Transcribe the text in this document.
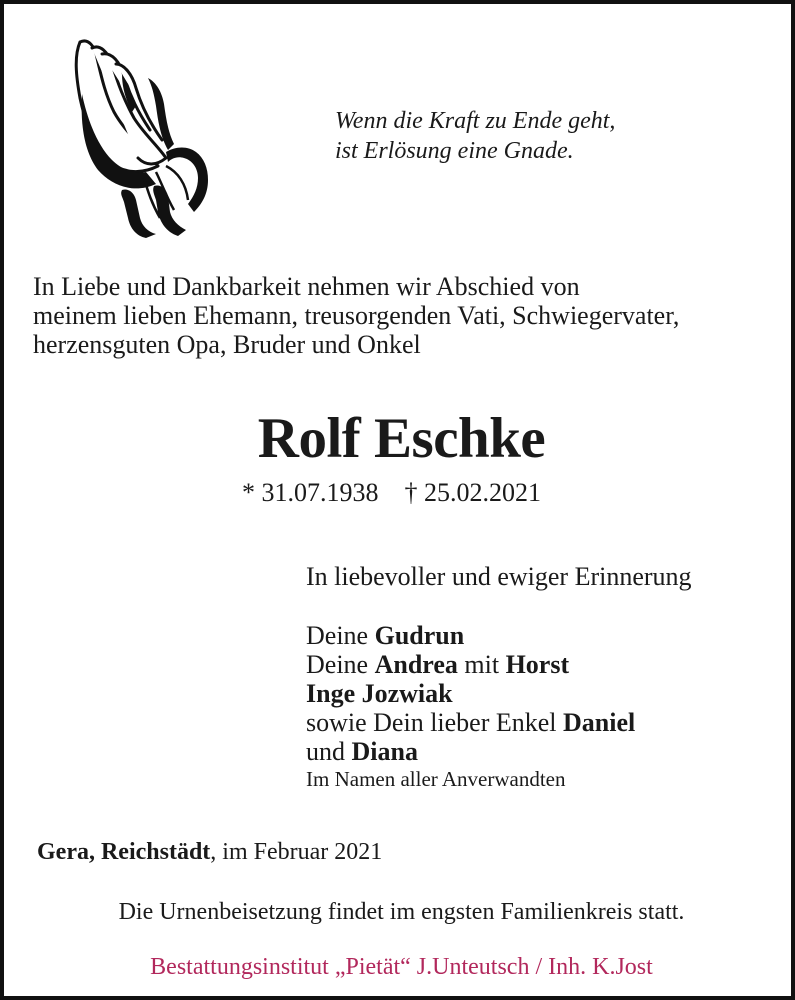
Wenn die Kraft zu Ende geht,
ist Erlösung eine Gnade.
In Liebe und Dankbarkeit nehmen wir Abschied von
meinem lieben Ehemann, treusorgenden Vati, Schwiegervater,
herzensguten Opa, Bruder und Onkel
Rolf Eschke
* 31.07.1938 † 25.02.2021
In liebevoller und ewiger Erinnerung
Deine Gudrun
Deine Andrea mit Horst
Inge Jozwiak
sowie Dein lieber Enkel Daniel
und Diana
Im Namen aller Anverwandten
Gera, Reichstädt, im Februar 2021
Die Urnenbeisetzung findet im engsten Familienkreis statt.
Bestattungsinstitut „Pietät“ J.Unteutsch / Inh. K.Jost
